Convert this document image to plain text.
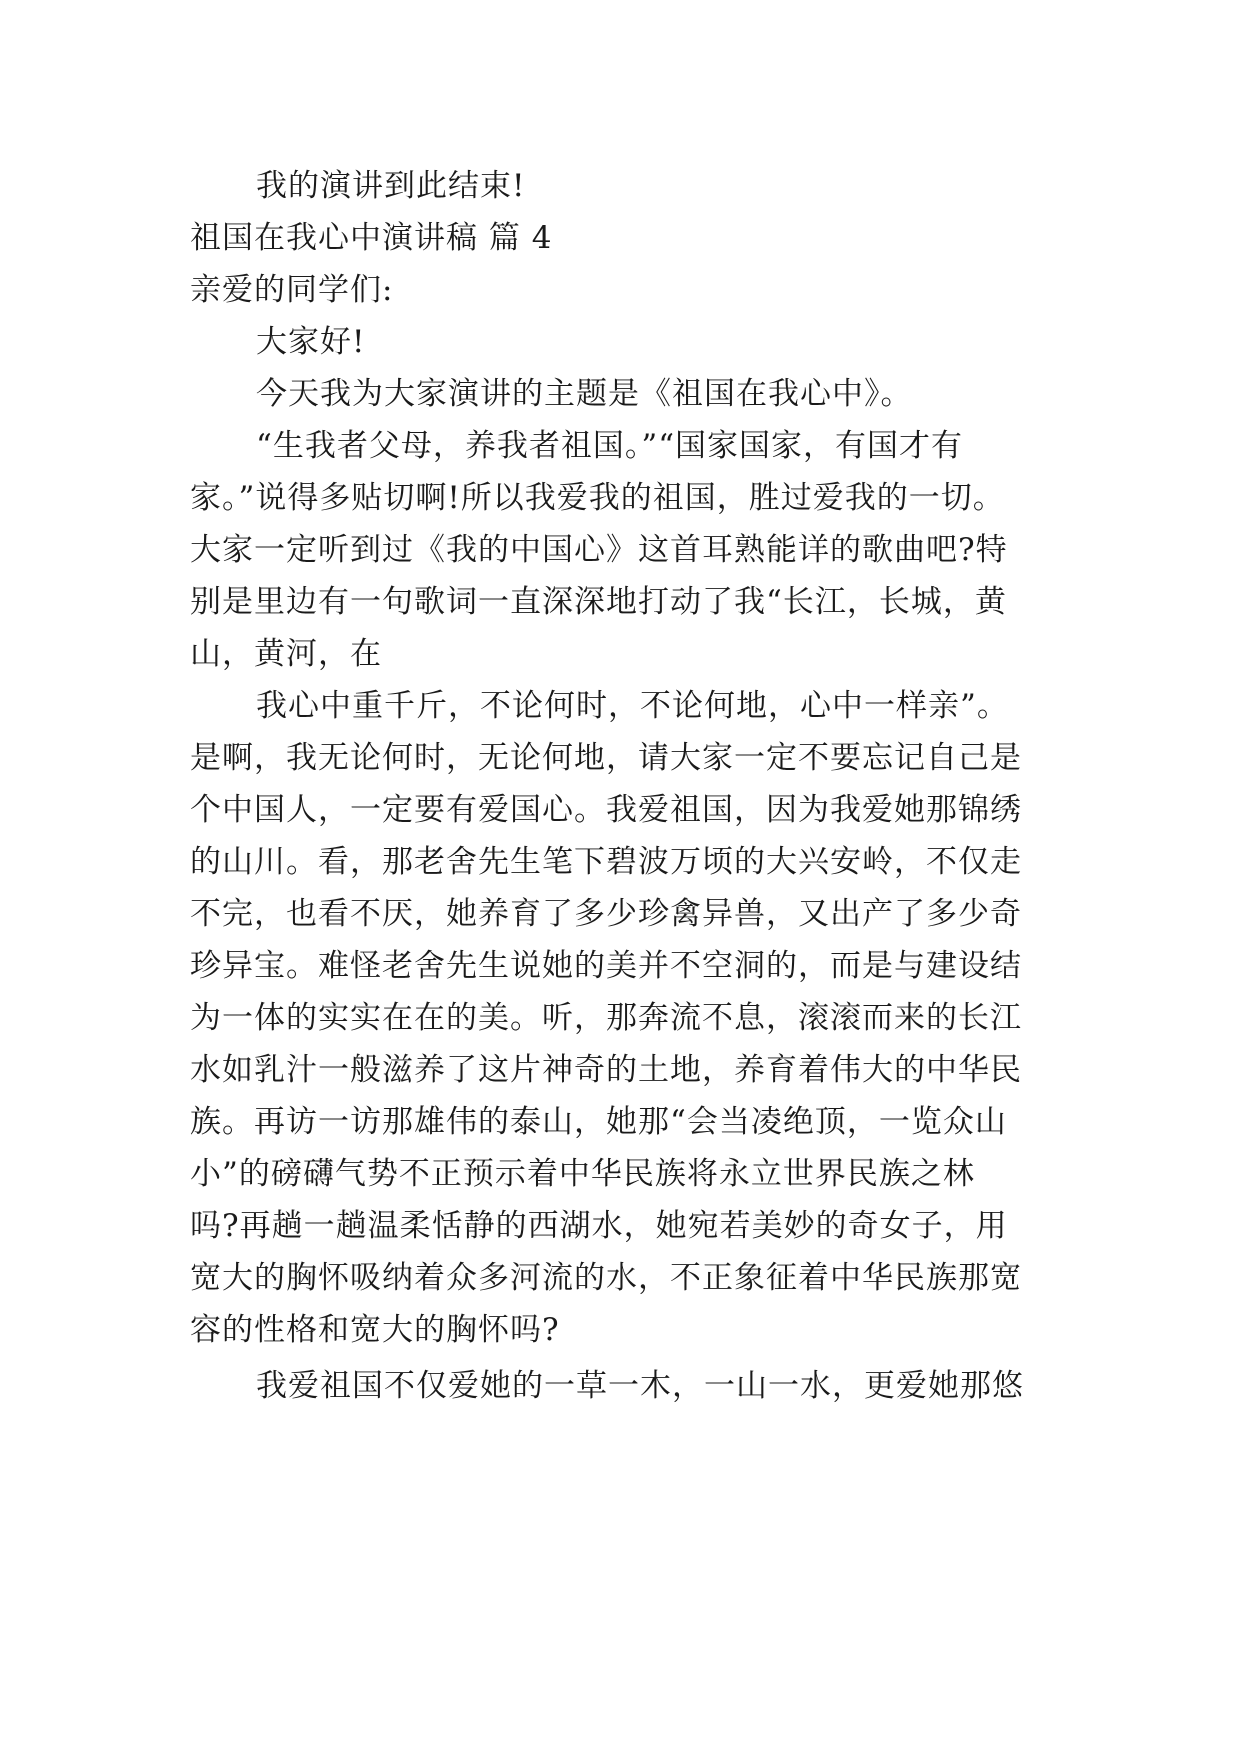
我的演讲到此结束!
祖国在我心中演讲稿 篇 4
亲爱的同学们:
大家好!
今天我为大家演讲的主题是《祖国在我心中》。
“生我者父母，养我者祖国。”“国家国家，有国才有
家。”说得多贴切啊!所以我爱我的祖国，胜过爱我的一切。
大家一定听到过《我的中国心》这首耳熟能详的歌曲吧?特
别是里边有一句歌词一直深深地打动了我“长江，长城，黄
山，黄河，在
我心中重千斤，不论何时，不论何地，心中一样亲”。
是啊，我无论何时，无论何地，请大家一定不要忘记自己是
个中国人，一定要有爱国心。我爱祖国，因为我爱她那锦绣
的山川。看，那老舍先生笔下碧波万顷的大兴安岭，不仅走
不完，也看不厌，她养育了多少珍禽异兽，又出产了多少奇
珍异宝。难怪老舍先生说她的美并不空洞的，而是与建设结
为一体的实实在在的美。听，那奔流不息，滚滚而来的长江
水如乳汁一般滋养了这片神奇的土地，养育着伟大的中华民
族。再访一访那雄伟的泰山，她那“会当凌绝顶，一览众山
小”的磅礴气势不正预示着中华民族将永立世界民族之林
吗?再趟一趟温柔恬静的西湖水，她宛若美妙的奇女子，用
宽大的胸怀吸纳着众多河流的水，不正象征着中华民族那宽
容的性格和宽大的胸怀吗?
我爱祖国不仅爱她的一草一木，一山一水，更爱她那悠
